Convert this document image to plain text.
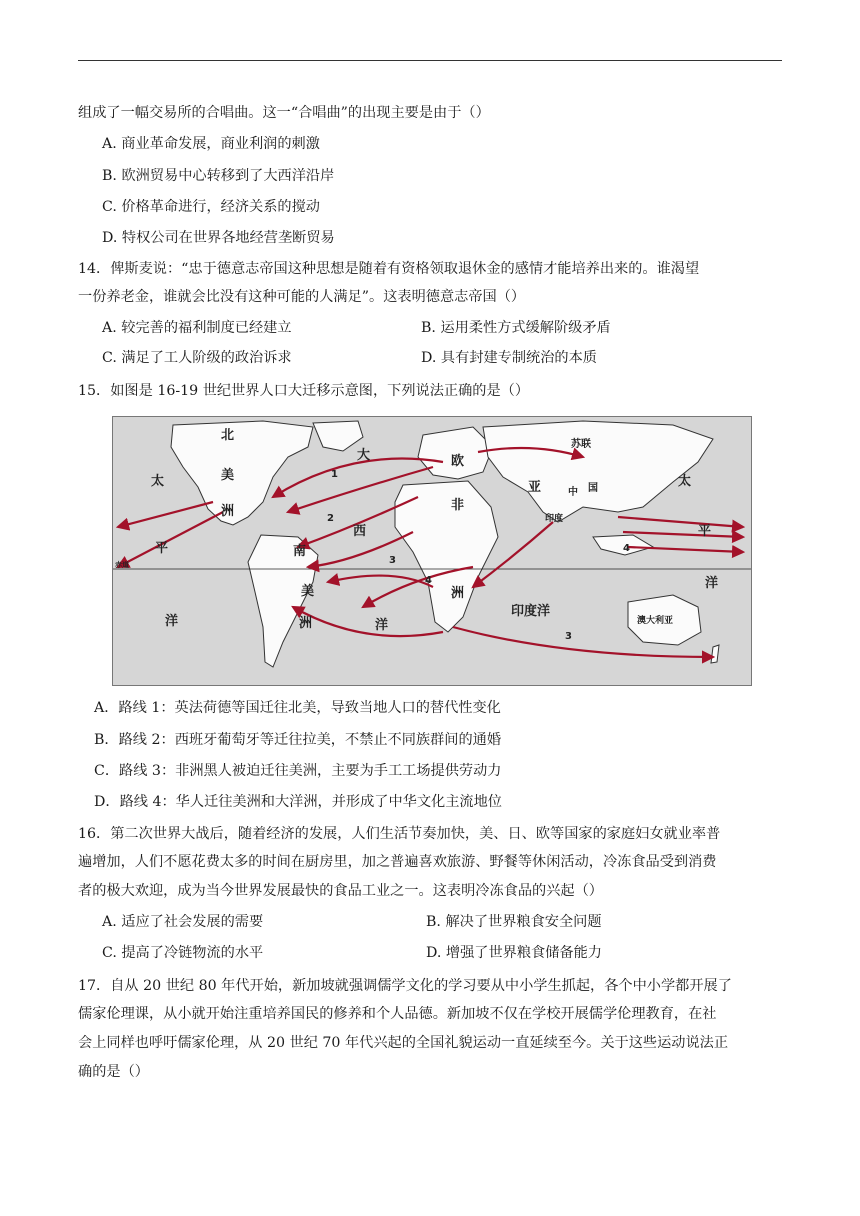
组成了一幅交易所的合唱曲。这一“合唱曲”的出现主要是由于（）
A. 商业革命发展，商业利润的刺激
B. 欧洲贸易中心转移到了大西洋沿岸
C. 价格革命进行，经济关系的搅动
D. 特权公司在世界各地经营垄断贸易
14．俾斯麦说：“忠于德意志帝国这种思想是随着有资格领取退休金的感情才能培养出来的。谁渴望
一份养老金，谁就会比没有这种可能的人满足”。这表明德意志帝国（）
A. 较完善的福利制度已经建立	B. 运用柔性方式缓解阶级矛盾
C. 满足了工人阶级的政治诉求	D. 具有封建专制统治的本质
15．如图是 16-19 世纪世界人口大迁移示意图，下列说法正确的是（）
北
美
洲
太
平
洋
太
平
洋
大
西
洋
欧
亚
苏联
中 国
非
洲
南
美
洲
印度
印度洋
澳大利亚
赤道
1
2
3
3
4
4
A．路线 1：英法荷德等国迁往北美，导致当地人口的替代性变化
B．路线 2：西班牙葡萄牙等迁往拉美，不禁止不同族群间的通婚
C．路线 3：非洲黑人被迫迁往美洲，主要为手工工场提供劳动力
D．路线 4：华人迁往美洲和大洋洲，并形成了中华文化主流地位
16．第二次世界大战后，随着经济的发展，人们生活节奏加快，美、日、欧等国家的家庭妇女就业率普
遍增加，人们不愿花费太多的时间在厨房里，加之普遍喜欢旅游、野餐等休闲活动，冷冻食品受到消费
者的极大欢迎，成为当今世界发展最快的食品工业之一。这表明冷冻食品的兴起（）
A. 适应了社会发展的需要	B. 解决了世界粮食安全问题
C. 提高了冷链物流的水平	D. 增强了世界粮食储备能力
17．自从 20 世纪 80 年代开始，新加坡就强调儒学文化的学习要从中小学生抓起，各个中小学都开展了
儒家伦理课，从小就开始注重培养国民的修养和个人品德。新加坡不仅在学校开展儒学伦理教育，在社
会上同样也呼吁儒家伦理，从 20 世纪 70 年代兴起的全国礼貌运动一直延续至今。关于这些运动说法正
确的是（）
